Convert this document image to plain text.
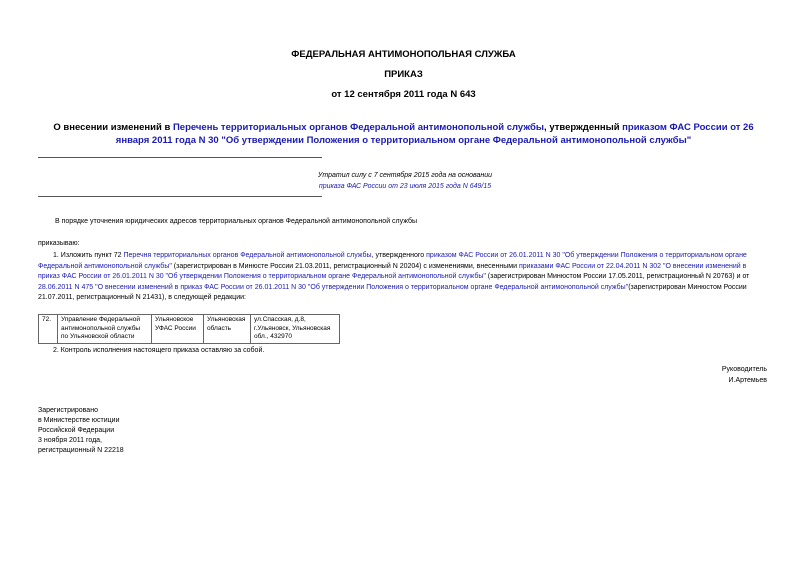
ФЕДЕРАЛЬНАЯ АНТИМОНОПОЛЬНАЯ СЛУЖБА
ПРИКАЗ
от 12 сентября 2011 года N 643
О внесении изменений в Перечень территориальных органов Федеральной антимонопольной службы, утвержденный приказом ФАС России от 26 января 2011 года N 30 "Об утверждении Положения о территориальном органе Федеральной антимонопольной службы"
Утратил силу с 7 сентября 2015 года на основании
приказа ФАС России от 23 июля 2015 года N 649/15
В порядке уточнения юридических адресов территориальных органов Федеральной антимонопольной службы
приказываю:
1. Изложить пункт 72 Перечня территориальных органов Федеральной антимонопольной службы, утвержденного приказом ФАС России от 26.01.2011 N 30 "Об утверждении Положения о территориальном органе Федеральной антимонопольной службы" (зарегистрирован в Минюсте России 21.03.2011, регистрационный N 20204) с изменениями, внесенными приказами ФАС России от 22.04.2011 N 302 "О внесении изменений в приказ ФАС России от 26.01.2011 N 30 "Об утверждении Положения о территориальном органе Федеральной антимонопольной службы" (зарегистрирован Минюстом России 17.05.2011, регистрационный N 20763) и от 28.06.2011 N 475 "О внесении изменений в приказ ФАС России от 26.01.2011 N 30 "Об утверждении Положения о территориальном органе Федеральной антимонопольной службы"(зарегистрирован Минюстом России 21.07.2011, регистрационный N 21431), в следующей редакции:
72.	Управление Федеральной антимонопольной службы по Ульяновской области	Ульяновское УФАС России	Ульяновская область	ул.Спасская, д.8, г.Ульяновск, Ульяновская обл., 432970
2. Контроль исполнения настоящего приказа оставляю за собой.
Руководитель
И.Артемьев
Зарегистрировано
в Министерстве юстиции
Российской Федерации
3 ноября 2011 года,
регистрационный N 22218
